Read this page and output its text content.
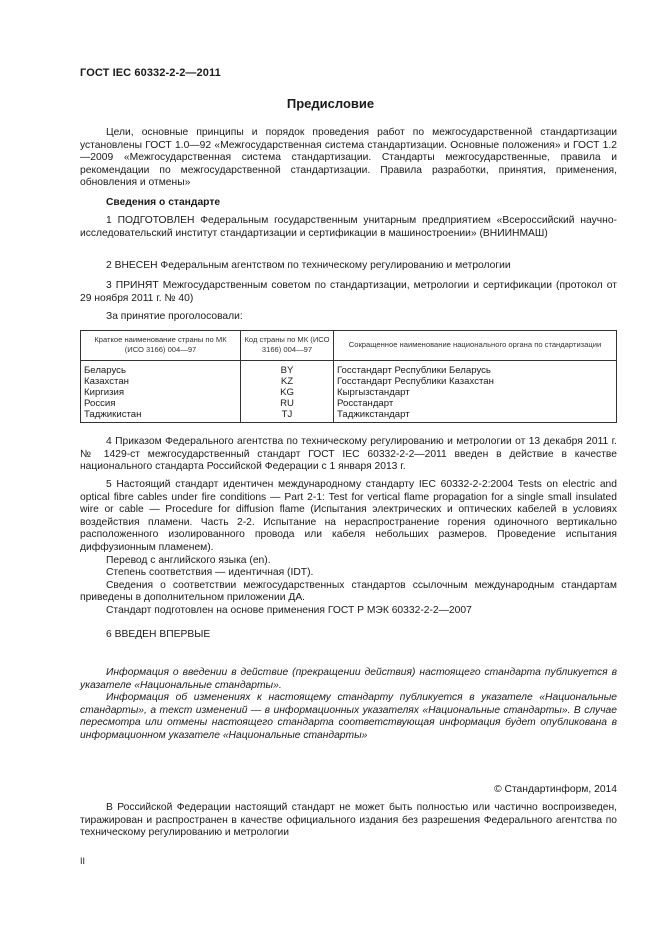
ГОСТ IEC 60332-2-2—2011
Предисловие

Цели, основные принципы и порядок проведения работ по межгосударственной стандартизации установлены ГОСТ 1.0—92 «Межгосударственная система стандартизации. Основные положения» и ГОСТ 1.2—2009 «Межгосударственная система стандартизации. Стандарты межгосударственные, правила и рекомендации по межгосударственной стандартизации. Правила разработки, принятия, применения, обновления и отмены»

Сведения о стандарте

1 ПОДГОТОВЛЕН Федеральным государственным унитарным предприятием «Всероссийский научно-исследовательский институт стандартизации и сертификации в машиностроении» (ВНИИНМАШ)

2 ВНЕСЕН Федеральным агентством по техническому регулированию и метрологии

3 ПРИНЯТ Межгосударственным советом по стандартизации, метрологии и сертификации (протокол от 29 ноября 2011 г. № 40)

За принятие проголосовали:

Краткое наименование страны по МК (ИСО 3166) 004—97	Код страны по МК (ИСО 3166) 004—97	Сокращенное наименование национального органа по стандартизации
Беларусь	BY	Госстандарт Республики Беларусь
Казахстан	KZ	Госстандарт Республики Казахстан
Киргизия	KG	Кыргызстандарт
Россия	RU	Росстандарт
Таджикистан	TJ	Таджикстандарт

4 Приказом Федерального агентства по техническому регулированию и метрологии от 13 декабря 2011 г. № 1429-ст межгосударственный стандарт ГОСТ IEC 60332-2-2—2011 введен в действие в качестве национального стандарта Российской Федерации с 1 января 2013 г.

5 Настоящий стандарт идентичен международному стандарту IEC 60332-2-2:2004 Tests on electric and optical fibre cables under fire conditions — Part 2-1: Test for vertical flame propagation for a single small insulated wire or cable — Procedure for diffusion flame (Испытания электрических и оптических кабелей в условиях воздействия пламени. Часть 2-2. Испытание на нераспространение горения одиночного вертикально расположенного изолированного провода или кабеля небольших размеров. Проведение испытания диффузионным пламенем).

Перевод с английского языка (en).

Степень соответствия — идентичная (IDT).

Сведения о соответствии межгосударственных стандартов ссылочным международным стандартам приведены в дополнительном приложении ДА.

Стандарт подготовлен на основе применения ГОСТ Р МЭК 60332-2-2—2007

6 ВВЕДЕН ВПЕРВЫЕ

Информация о введении в действие (прекращении действия) настоящего стандарта публикуется в указателе «Национальные стандарты».

Информация об изменениях к настоящему стандарту публикуется в указателе «Национальные стандарты», а текст изменений — в информационных указателях «Национальные стандарты». В случае пересмотра или отмены настоящего стандарта соответствующая информация будет опубликована в информационном указателе «Национальные стандарты»

© Стандартинформ, 2014

В Российской Федерации настоящий стандарт не может быть полностью или частично воспроизведен, тиражирован и распространен в качестве официального издания без разрешения Федерального агентства по техническому регулированию и метрологии

II
